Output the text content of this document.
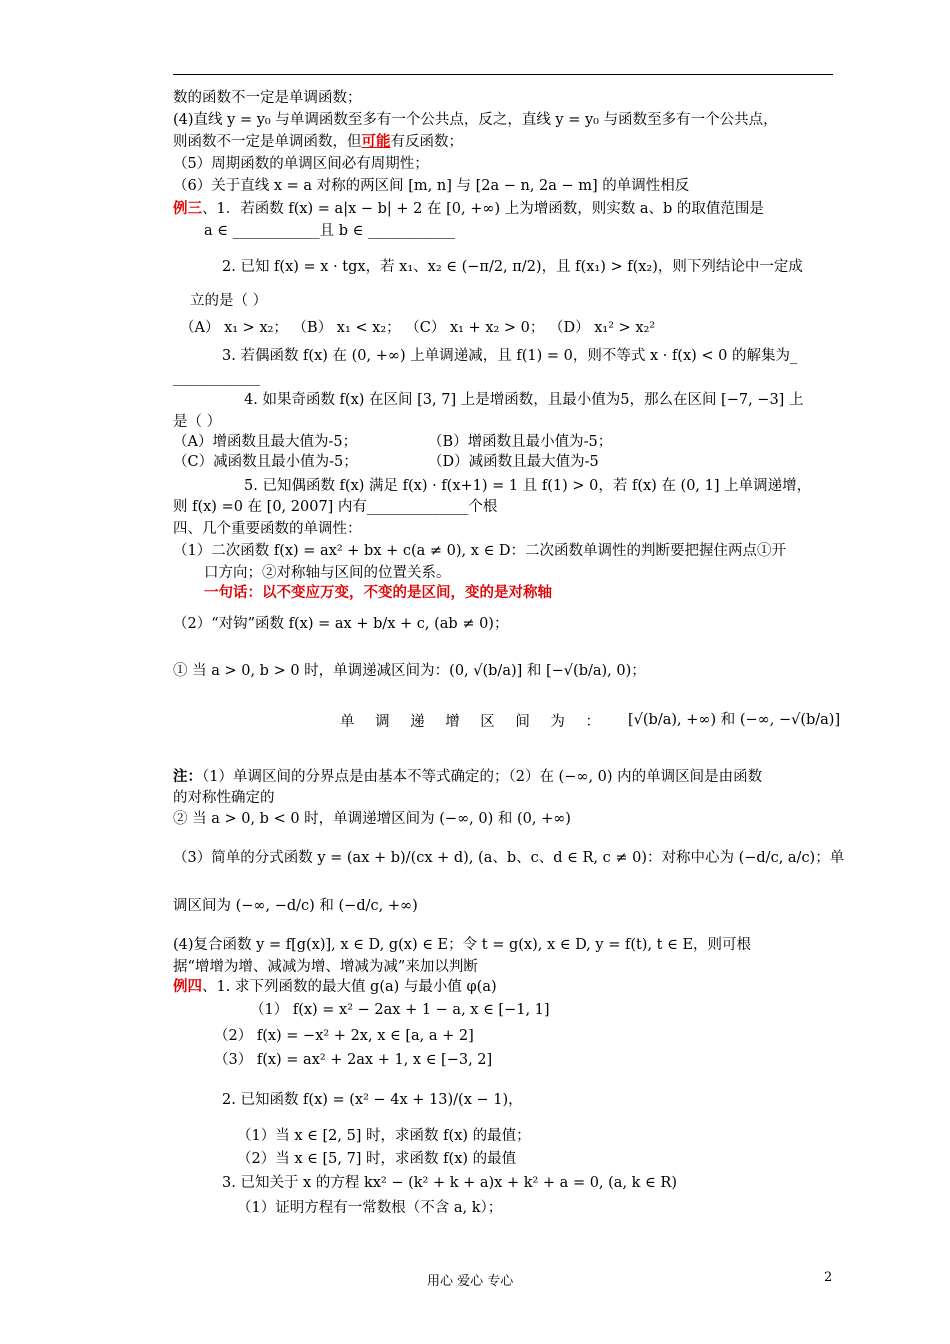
数的函数不一定是单调函数；
(4)直线 y = y₀ 与单调函数至多有一个公共点，反之，直线 y = y₀ 与函数至多有一个公共点，
则函数不一定是单调函数，但可能有反函数；
（5）周期函数的单调区间必有周期性；
（6）关于直线 x = a 对称的两区间 [m, n] 与 [2a − n, 2a − m] 的单调性相反
例三、1．若函数 f(x) = a|x − b| + 2 在 [0, +∞) 上为增函数，则实数 a、b 的取值范围是
a ∈ ____________且 b ∈ ____________
2. 已知 f(x) = x · tgx，若 x₁、x₂ ∈ (−π/2, π/2)，且 f(x₁) > f(x₂)，则下列结论中一定成
立的是（ ）
（A） x₁ > x₂； （B） x₁ < x₂； （C） x₁ + x₂ > 0； （D） x₁² > x₂²
3. 若偶函数 f(x) 在 (0, +∞) 上单调递减，且 f(1) = 0，则不等式 x · f(x) < 0 的解集为_
____________
4. 如果奇函数 f(x) 在区间 [3, 7] 上是增函数，且最小值为5，那么在区间 [−7, −3] 上
是（ ）
（A）增函数且最大值为-5；	（B）增函数且最小值为-5；
（C）减函数且最小值为-5；	（D）减函数且最大值为-5
5. 已知偶函数 f(x) 满足 f(x) · f(x+1) = 1 且 f(1) > 0，若 f(x) 在 (0, 1] 上单调递增，
则 f(x) =0 在 [0, 2007] 内有______________个根
四、几个重要函数的单调性：
（1）二次函数 f(x) = ax² + bx + c(a ≠ 0), x ∈ D：二次函数单调性的判断要把握住两点①开
口方向；②对称轴与区间的位置关系。
一句话：以不变应万变，不变的是区间，变的是对称轴
（2）“对钩”函数 f(x) = ax + b/x + c, (ab ≠ 0)；
① 当 a > 0, b > 0 时，单调递减区间为：(0, √(b/a)] 和 [−√(b/a), 0)；
单 调 递 增 区 间 为 ： [√(b/a), +∞) 和 (−∞, −√(b/a)]
注：（1）单调区间的分界点是由基本不等式确定的；（2）在 (−∞, 0) 内的单调区间是由函数
的对称性确定的
② 当 a > 0, b < 0 时，单调递增区间为 (−∞, 0) 和 (0, +∞)
（3）简单的分式函数 y = (ax + b)/(cx + d), (a、b、c、d ∈ R, c ≠ 0)：对称中心为 (−d/c, a/c)；单
调区间为 (−∞, −d/c) 和 (−d/c, +∞)
(4)复合函数 y = f[g(x)], x ∈ D, g(x) ∈ E；令 t = g(x), x ∈ D, y = f(t), t ∈ E，则可根
据“增增为增、减减为增、增减为减”来加以判断
例四、1. 求下列函数的最大值 g(a) 与最小值 φ(a)
（1） f(x) = x² − 2ax + 1 − a, x ∈ [−1, 1]
（2） f(x) = −x² + 2x, x ∈ [a, a + 2]
（3） f(x) = ax² + 2ax + 1, x ∈ [−3, 2]
2. 已知函数 f(x) = (x² − 4x + 13)/(x − 1)，
（1）当 x ∈ [2, 5] 时，求函数 f(x) 的最值；
（2）当 x ∈ [5, 7] 时，求函数 f(x) 的最值
3. 已知关于 x 的方程 kx² − (k² + k + a)x + k² + a = 0, (a, k ∈ R)
（1）证明方程有一常数根（不含 a, k）；
用心 爱心 专心	2
